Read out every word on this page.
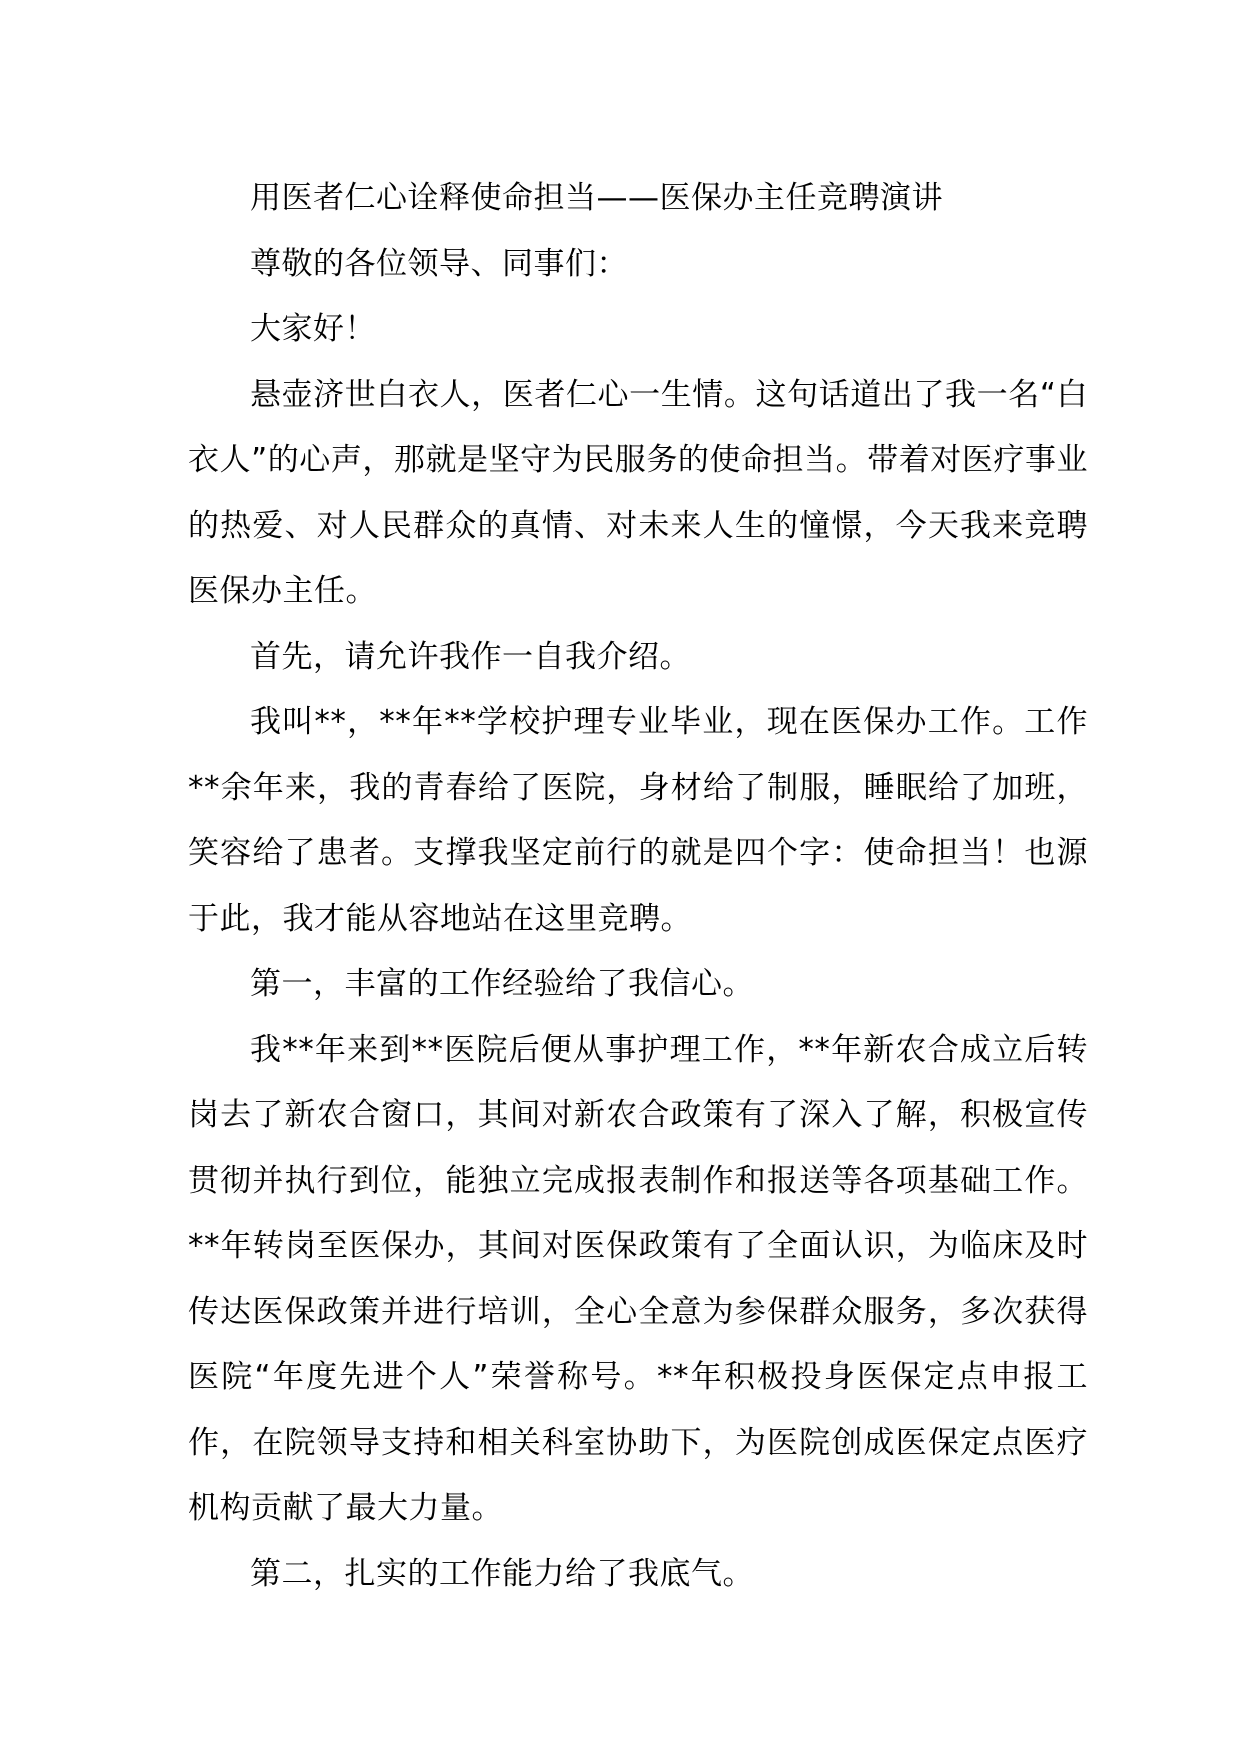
用医者仁心诠释使命担当——医保办主任竞聘演讲

尊敬的各位领导、同事们：

大家好！

悬壶济世白衣人，医者仁心一生情。这句话道出了我一名“白衣人”的心声，那就是坚守为民服务的使命担当。带着对医疗事业的热爱、对人民群众的真情、对未来人生的憧憬，今天我来竞聘医保办主任。

首先，请允许我作一自我介绍。

我叫**，**年**学校护理专业毕业，现在医保办工作。工作**余年来，我的青春给了医院，身材给了制服，睡眠给了加班，笑容给了患者。支撑我坚定前行的就是四个字：使命担当！也源于此，我才能从容地站在这里竞聘。

第一，丰富的工作经验给了我信心。

我**年来到**医院后便从事护理工作，**年新农合成立后转岗去了新农合窗口，其间对新农合政策有了深入了解，积极宣传贯彻并执行到位，能独立完成报表制作和报送等各项基础工作。**年转岗至医保办，其间对医保政策有了全面认识，为临床及时传达医保政策并进行培训，全心全意为参保群众服务，多次获得医院“年度先进个人”荣誉称号。**年积极投身医保定点申报工作，在院领导支持和相关科室协助下，为医院创成医保定点医疗机构贡献了最大力量。

第二，扎实的工作能力给了我底气。
